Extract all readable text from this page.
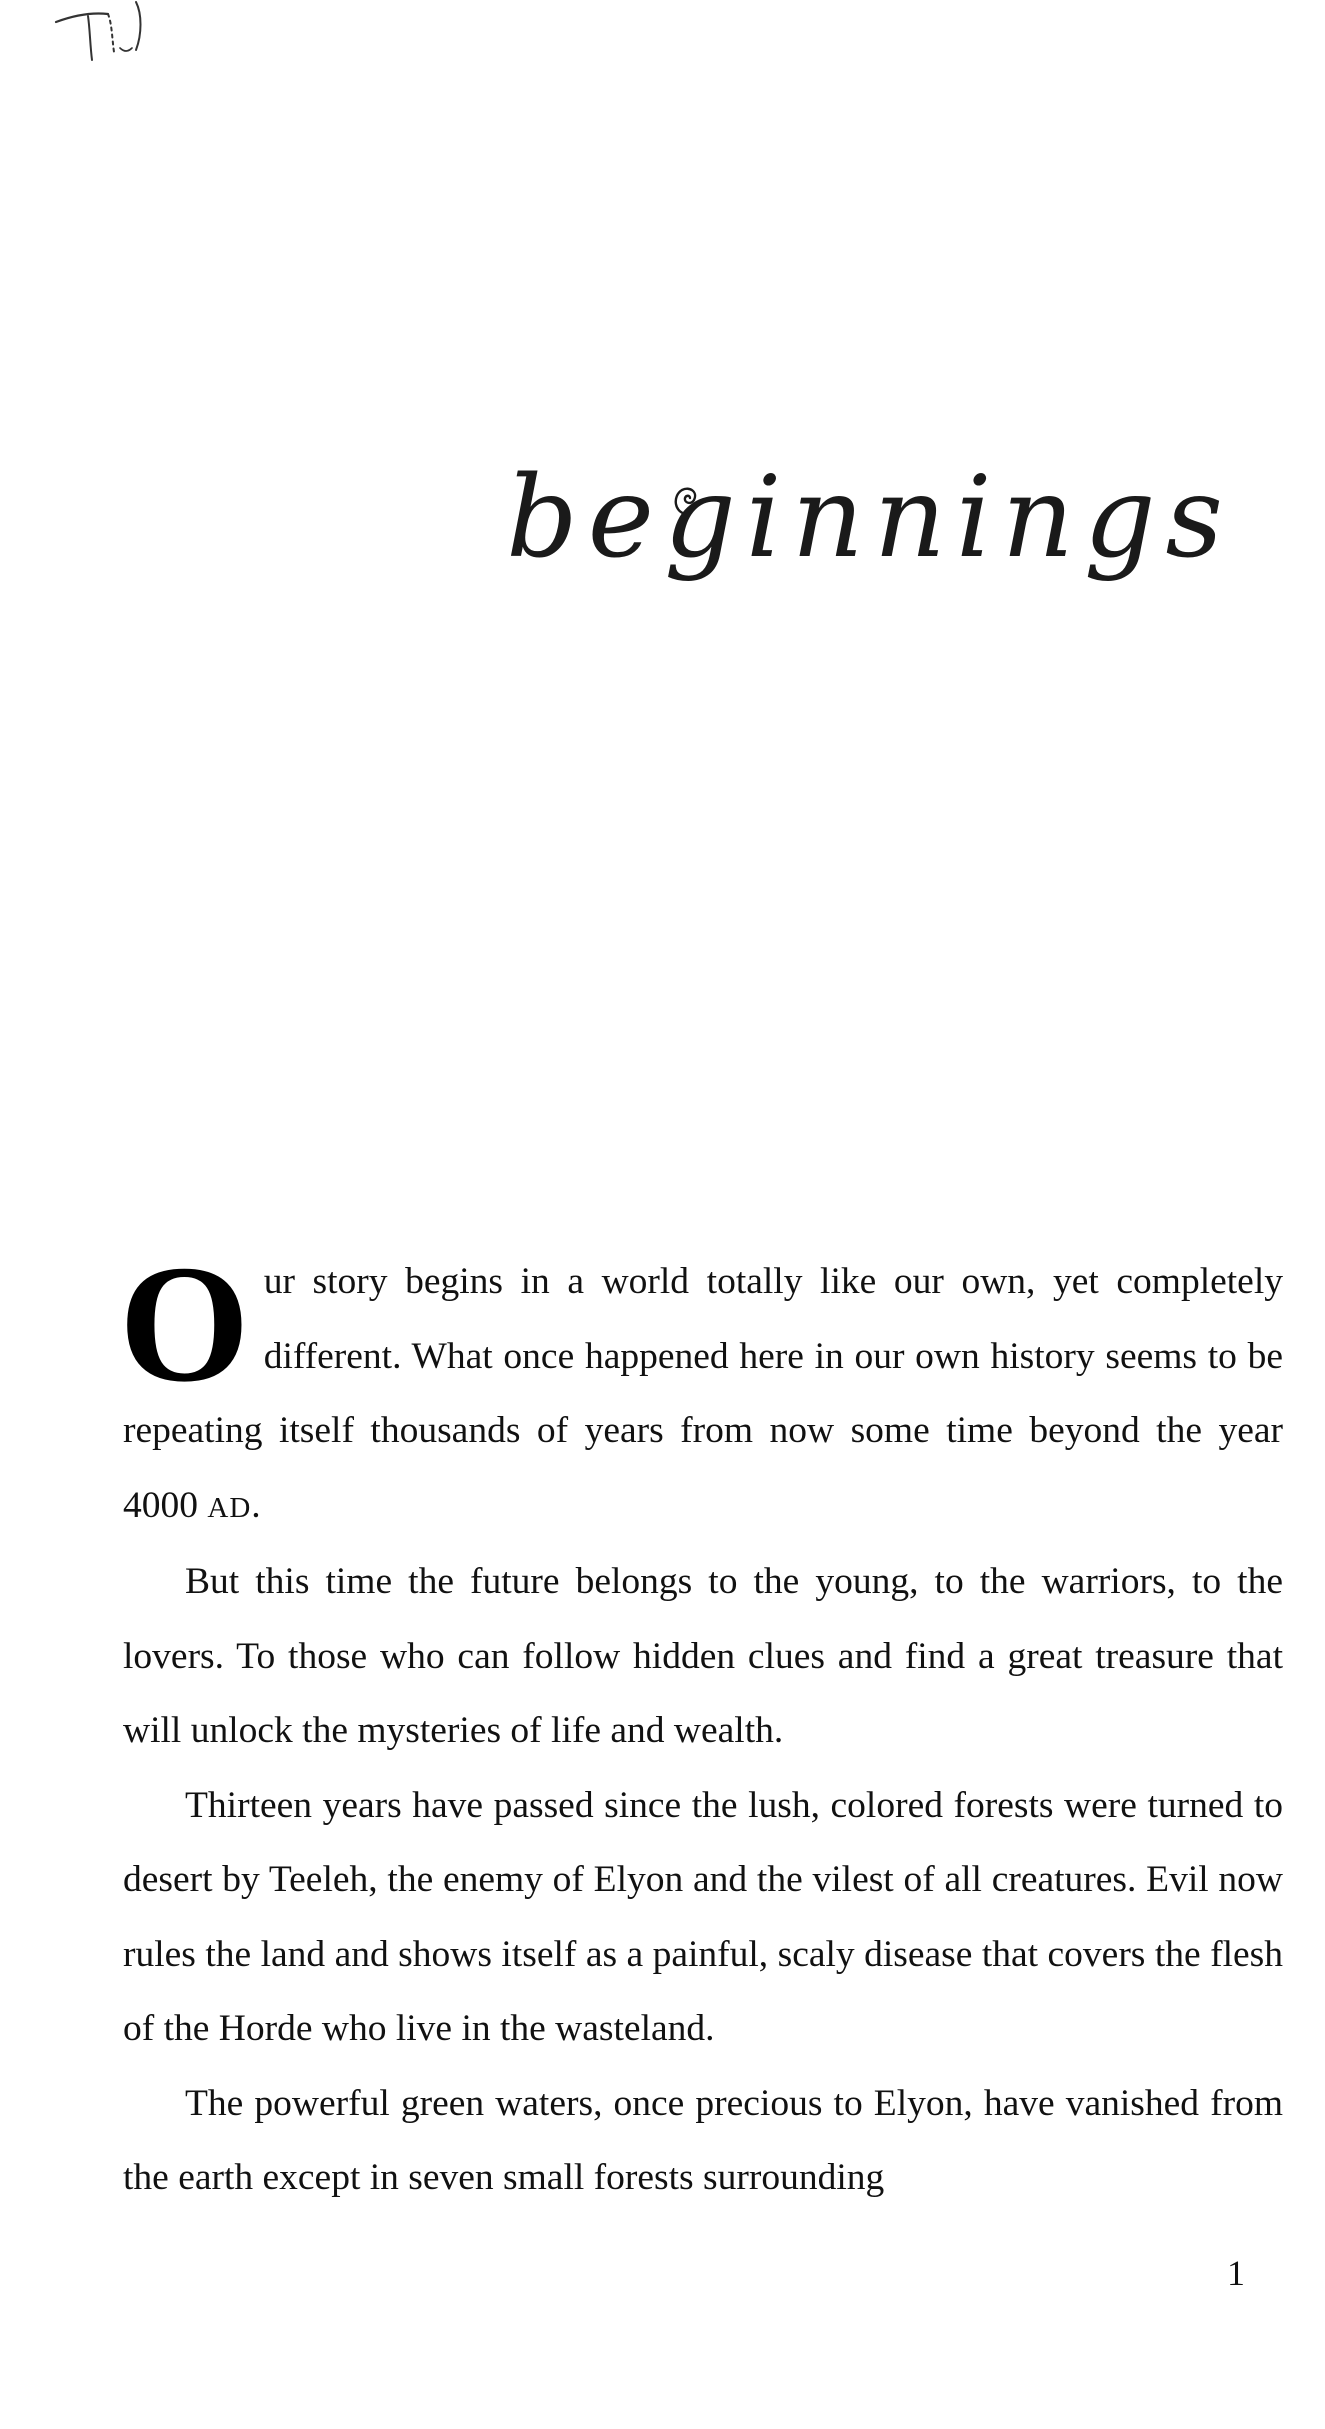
beginnings

Our story begins in a world totally like our own, yet completely different. What once happened here in our own history seems to be repeating itself thousands of years from now some time beyond the year 4000 AD.

But this time the future belongs to the young, to the warriors, to the lovers. To those who can follow hidden clues and find a great treasure that will unlock the mysteries of life and wealth.

Thirteen years have passed since the lush, colored forests were turned to desert by Teeleh, the enemy of Elyon and the vilest of all creatures. Evil now rules the land and shows itself as a painful, scaly disease that covers the flesh of the Horde who live in the wasteland.

The powerful green waters, once precious to Elyon, have vanished from the earth except in seven small forests surrounding

1
